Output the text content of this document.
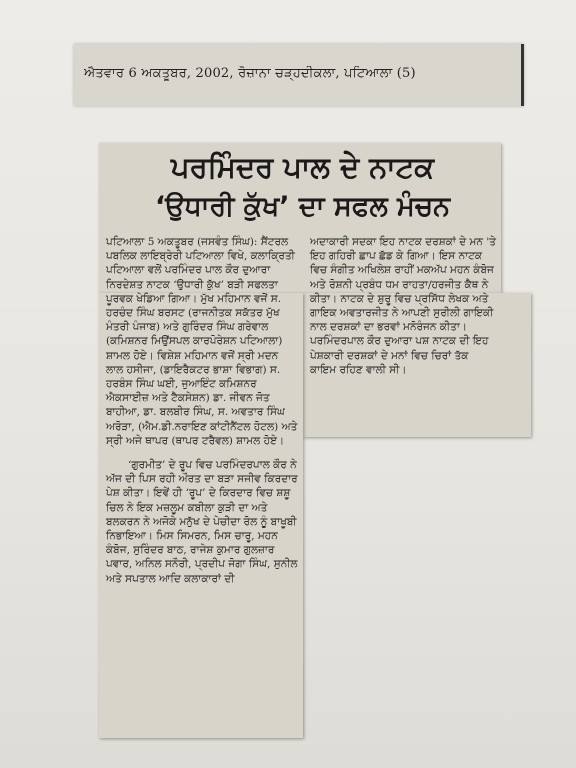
ਐਤਵਾਰ 6 ਅਕਤੂਬਰ, 2002, ਰੋਜ਼ਾਨਾ ਚੜ੍ਹਦੀਕਲਾ, ਪਟਿਆਲਾ (5)
ਪਰਮਿੰਦਰ ਪਾਲ ਦੇ ਨਾਟਕ
‘ਉਧਾਰੀ ਕੁੱਖ’ ਦਾ ਸਫਲ ਮੰਚਨ

ਪਟਿਆਲਾ 5 ਅਕਤੂਬਰ (ਜਸਵੰਤ ਸਿੰਘ): ਸੈਂਟਰਲ ਪਬਲਿਕ ਲਾਇਬ੍ਰੇਰੀ ਪਟਿਆਲਾ ਵਿਖੇ, ਕਲਾਕ੍ਰਿਤੀ ਪਟਿਆਲਾ ਵਲੋਂ ਪਰਮਿੰਦਰ ਪਾਲ ਕੌਰ ਦੁਆਰਾ ਨਿਰਦੇਸ਼ਤ ਨਾਟਕ ‘ਉਧਾਰੀ ਕੁੱਖ’ ਬੜੀ ਸਫਲਤਾ ਪੂਰਵਕ ਖੇਡਿਆ ਗਿਆ। ਮੁੱਖ ਮਹਿਮਾਨ ਵਜੋਂ ਸ. ਹਰਚੰਦ ਸਿੰਘ ਬਰਸਟ (ਰਾਜਨੀਤਕ ਸਕੱਤਰ ਮੁੱਖ ਮੰਤਰੀ ਪੰਜਾਬ) ਅਤੇ ਗੁਰਿੰਦਰ ਸਿੰਘ ਗਰੇਵਾਲ (ਕਮਿਸ਼ਨਰ ਮਿਉਂਸਪਲ ਕਾਰਪੋਰੇਸ਼ਨ ਪਟਿਆਲਾ) ਸ਼ਾਮਲ ਹੋਏ। ਵਿਸ਼ੇਸ਼ ਮਹਿਮਾਨ ਵਜੋਂ ਸ੍ਰੀ ਮਦਨ ਲਾਲ ਹਸੀਜਾ, (ਡਾਇਰੈਕਟਰ ਭਾਸ਼ਾ ਵਿਭਾਗ) ਸ. ਹਰਬੰਸ ਸਿੰਘ ਘਈ, ਜੁਆਇੰਟ ਕਮਿਸ਼ਨਰ ਐਕਸਾਈਜ਼ ਅਤੇ ਟੈਕਸੇਸ਼ਨ) ਡਾ. ਜੀਵਨ ਜੋਤ ਬਾਹੀਆ, ਡਾ. ਬਲਬੀਰ ਸਿੰਘ, ਸ. ਅਵਤਾਰ ਸਿੰਘ ਅਰੋੜਾ, (ਐਮ.ਡੀ.ਨਰਾਇਣ ਕਾਂਟੀਨੈਂਟਲ ਹੋਟਲ) ਅਤੇ ਸ੍ਰੀ ਅਜੇ ਥਾਪਰ (ਥਾਪਰ ਟਰੈਵਲ) ਸ਼ਾਮਲ ਹੋਏ।

‘ਗੁਰਮੀਤ’ ਦੇ ਰੂਪ ਵਿਚ ਪਰਮਿੰਦਰਪਾਲ ਕੌਰ ਨੇ ਅੱਜ ਦੀ ਪਿਸ ਰਹੀ ਔਰਤ ਦਾ ਬੜਾ ਸਜੀਵ ਕਿਰਦਾਰ ਪੇਸ਼ ਕੀਤਾ। ਇਵੇਂ ਹੀ ‘ਰੂਪ’ ਦੇ ਕਿਰਦਾਰ ਵਿਚ ਸ਼ਸ਼ੂ ਚਿਲ ਨੇ ਇਕ ਮਜ਼ਲੂਮ ਕਬੀਲਾ ਕੁੜੀ ਦਾ ਅਤੇ ਬਲਕਰਨ ਨੇ ਅਜੋਕੇ ਮਨੁੱਖ ਦੇ ਪੇਚੀਦਾ ਰੋਲ ਨੂੰ ਬਾਖੂਬੀ ਨਿਭਾਇਆ। ਮਿਸ ਸਿਮਰਨ, ਮਿਸ ਚਾਰੂ, ਮਹਨ ਕੰਬੋਜ, ਸੁਰਿੰਦਰ ਬਾਠ, ਰਾਜੇਸ਼ ਕੁਮਾਰ ਗੁਲਜ਼ਾਰ ਪਵਾਰ, ਅਨਿਲ ਸਨੌਰੀ, ਪ੍ਰਦੀਪ ਜੋਗਾ ਸਿੰਘ, ਸੁਨੀਲ ਅਤੇ ਸਪਤਾਲ ਆਦਿ ਕਲਾਕਾਰਾਂ ਦੀ

ਅਦਾਕਾਰੀ ਸਦਕਾ ਇਹ ਨਾਟਕ ਦਰਸ਼ਕਾਂ ਦੇ ਮਨ 'ਤੇ ਇਹ ਗਹਿਰੀ ਛਾਪ ਛੱਡ ਕੇ ਗਿਆ। ਇਸ ਨਾਟਕ ਵਿਚ ਸੰਗੀਤ ਅਖਿਲੇਸ਼ ਰਾਹੀਂ ਮਕਅੱਪ ਮਹਨ ਕੰਬੋਜ ਅਤੇ ਰੋਸ਼ਨੀ ਪ੍ਰਬੰਧ ਧਮ ਰਾਹਤਾ/ਹਰਜੀਤ ਕੈਥ ਨੇ ਕੀਤਾ। ਨਾਟਕ ਦੇ ਸ਼ੁਰੂ ਵਿਚ ਪ੍ਰਸਿੱਧ ਲੇਖਕ ਅਤੇ ਗਾਇਕ ਅਵਤਾਰਜੀਤ ਨੇ ਆਪਣੀ ਸੁਰੀਲੀ ਗਾਇਕੀ ਨਾਲ ਦਰਸ਼ਕਾਂ ਦਾ ਭਰਵਾਂ ਮਨੋਰੰਜਨ ਕੀਤਾ। ਪਰਮਿੰਦਰਪਾਲ ਕੌਰ ਦੁਆਰਾ ਪਸ਼ ਨਾਟਕ ਦੀ ਇਹ ਪੇਸ਼ਕਾਰੀ ਦਰਸ਼ਕਾਂ ਦੇ ਮਨਾਂ ਵਿਚ ਚਿਰਾਂ ਤੱਕ ਕਾਇਮ ਰਹਿਣ ਵਾਲੀ ਸੀ।
